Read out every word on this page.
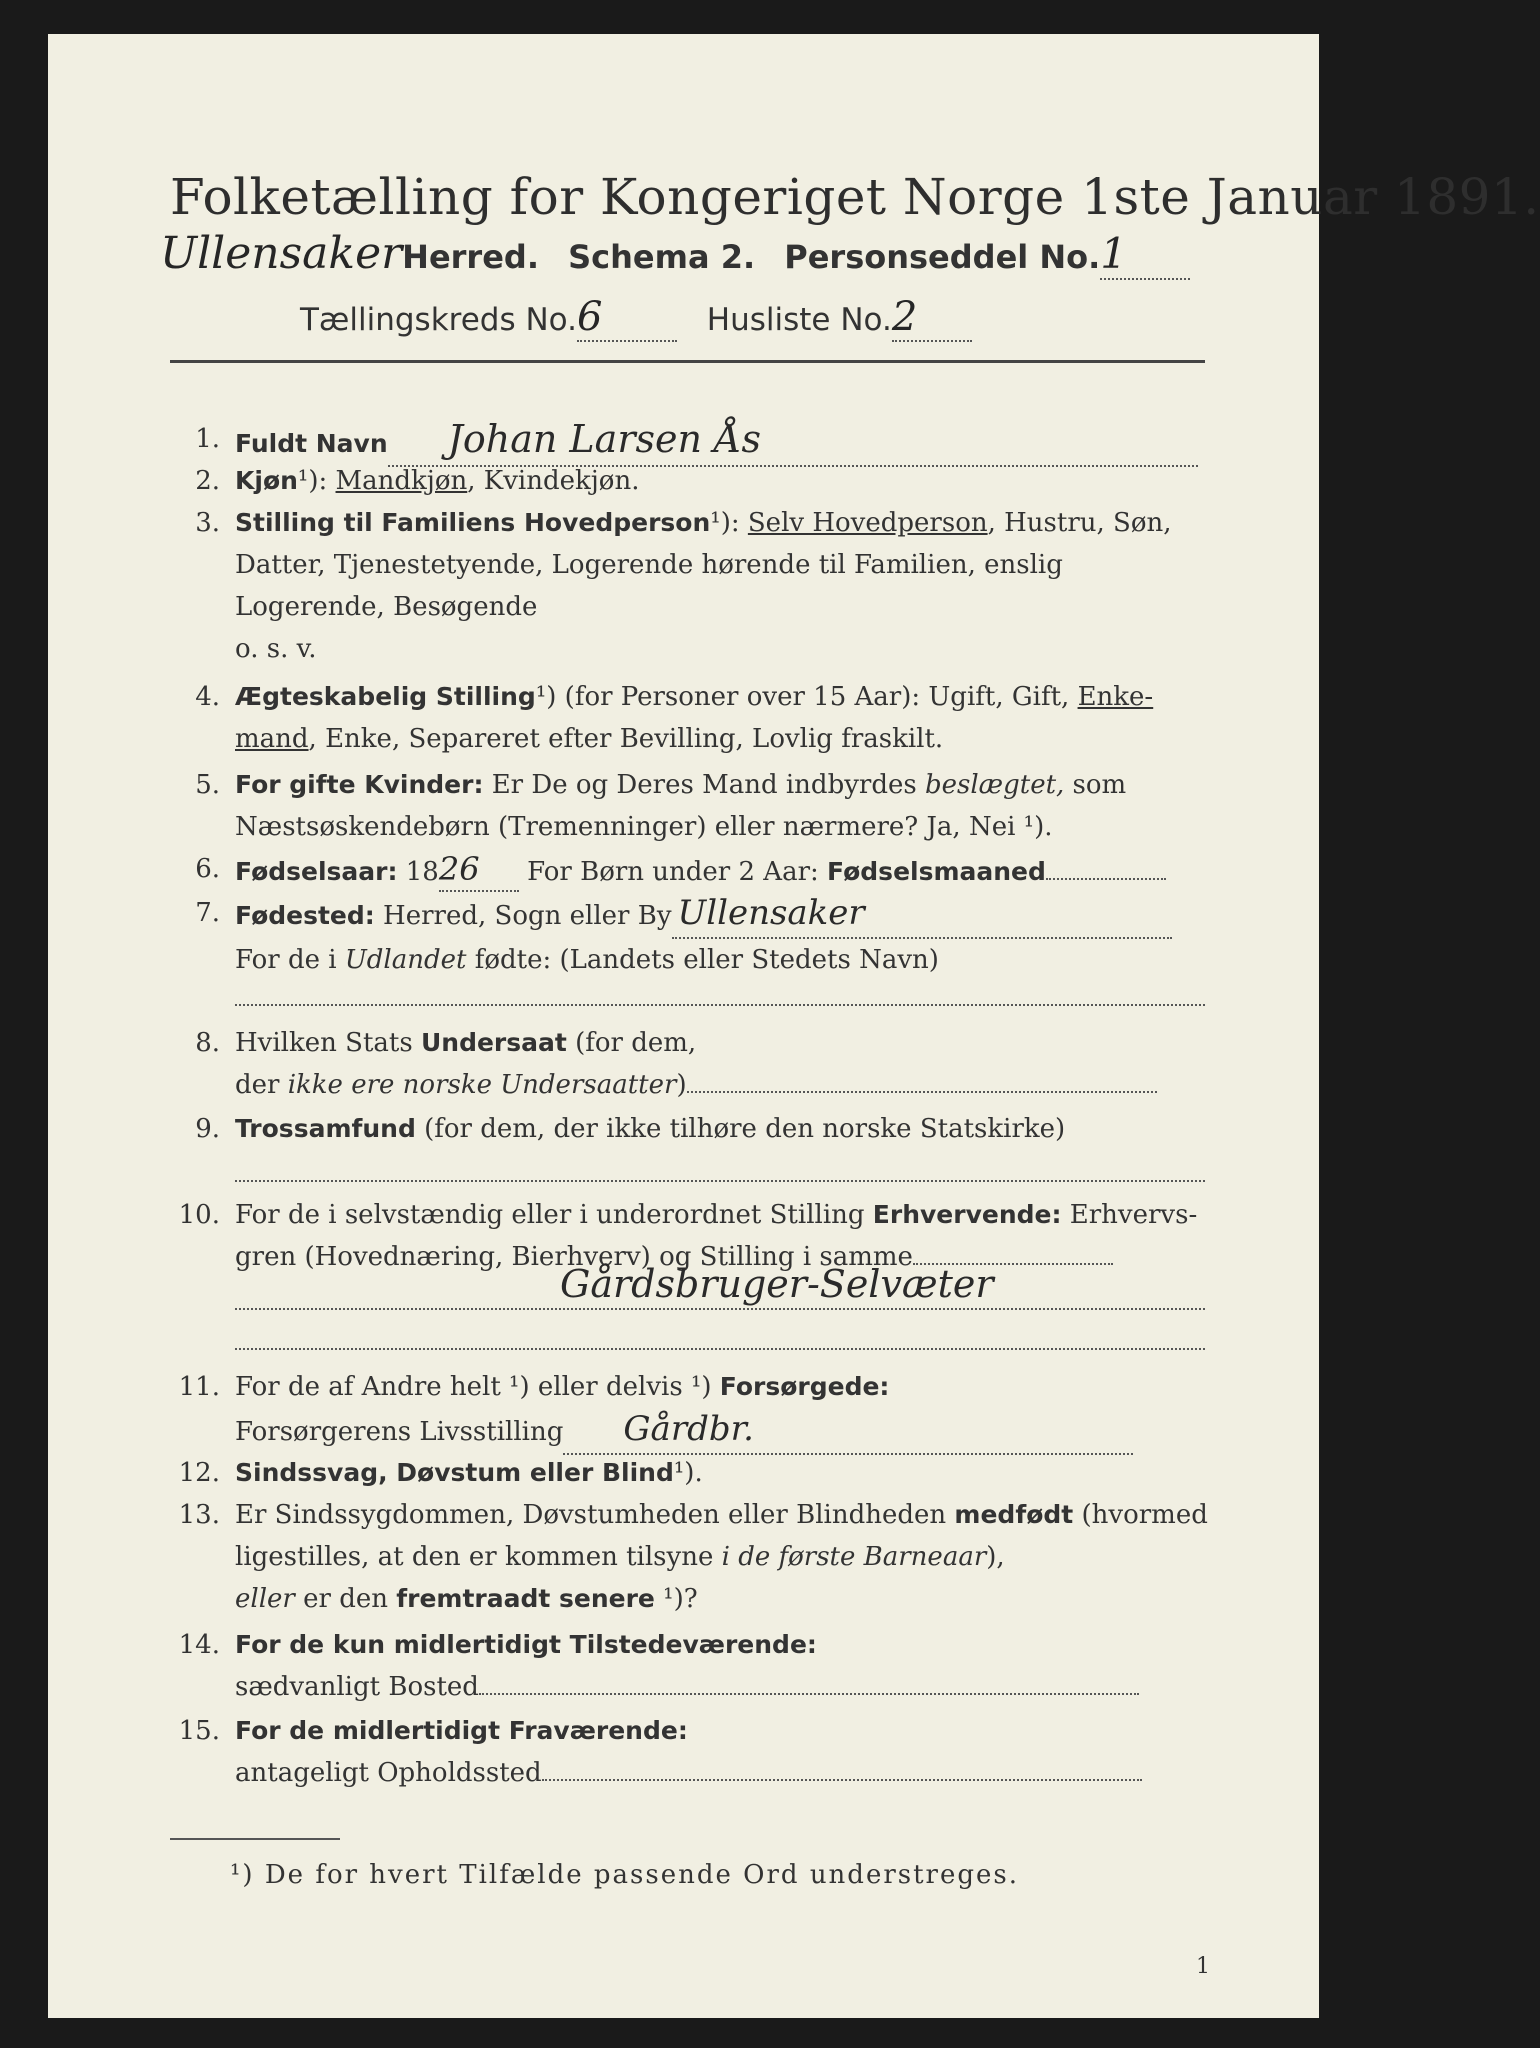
Folketælling for Kongeriget Norge 1ste Januar 1891.
UllensakerHerred. Schema 2. Personseddel No.1
Tællingskreds No.6	Husliste No.2
1. Fuldt Navn Johan Larsen Ås
2. Kjøn¹): Mandkjøn, Kvindekjøn.
3. Stilling til Familiens Hovedperson¹): Selv Hovedperson, Hustru, Søn,
Datter, Tjenestetyende, Logerende hørende til Familien, enslig
Logerende, Besøgende
o. s. v.
4. Ægteskabelig Stilling¹) (for Personer over 15 Aar): Ugift, Gift, Enke-
mand, Enke, Separeret efter Bevilling, Lovlig fraskilt.
5. For gifte Kvinder: Er De og Deres Mand indbyrdes beslægtet, som
Næstsøskendebørn (Tremenninger) eller nærmere? Ja, Nei ¹).
6. Fødselsaar: 1826 For Børn under 2 Aar: Fødselsmaaned
7. Fødested: Herred, Sogn eller By Ullensaker
For de i Udlandet fødte: (Landets eller Stedets Navn)
8. Hvilken Stats Undersaat (for dem,
der ikke ere norske Undersaatter)
9. Trossamfund (for dem, der ikke tilhøre den norske Statskirke)
10. For de i selvstændig eller i underordnet Stilling Erhvervende: Erhvervs-
gren (Hovednæring, Bierhverv) og Stilling i samme
Gårdsbruger-Selvæter
11. For de af Andre helt ¹) eller delvis ¹) Forsørgede:
Forsørgerens Livsstilling Gårdbr.
12. Sindssvag, Døvstum eller Blind¹).
13. Er Sindssygdommen, Døvstumheden eller Blindheden medfødt (hvormed
ligestilles, at den er kommen tilsyne i de første Barneaar),
eller er den fremtraadt senere ¹)?
14. For de kun midlertidigt Tilstedeværende:
sædvanligt Bosted
15. For de midlertidigt Fraværende:
antageligt Opholdssted
¹) De for hvert Tilfælde passende Ord understreges.
1
